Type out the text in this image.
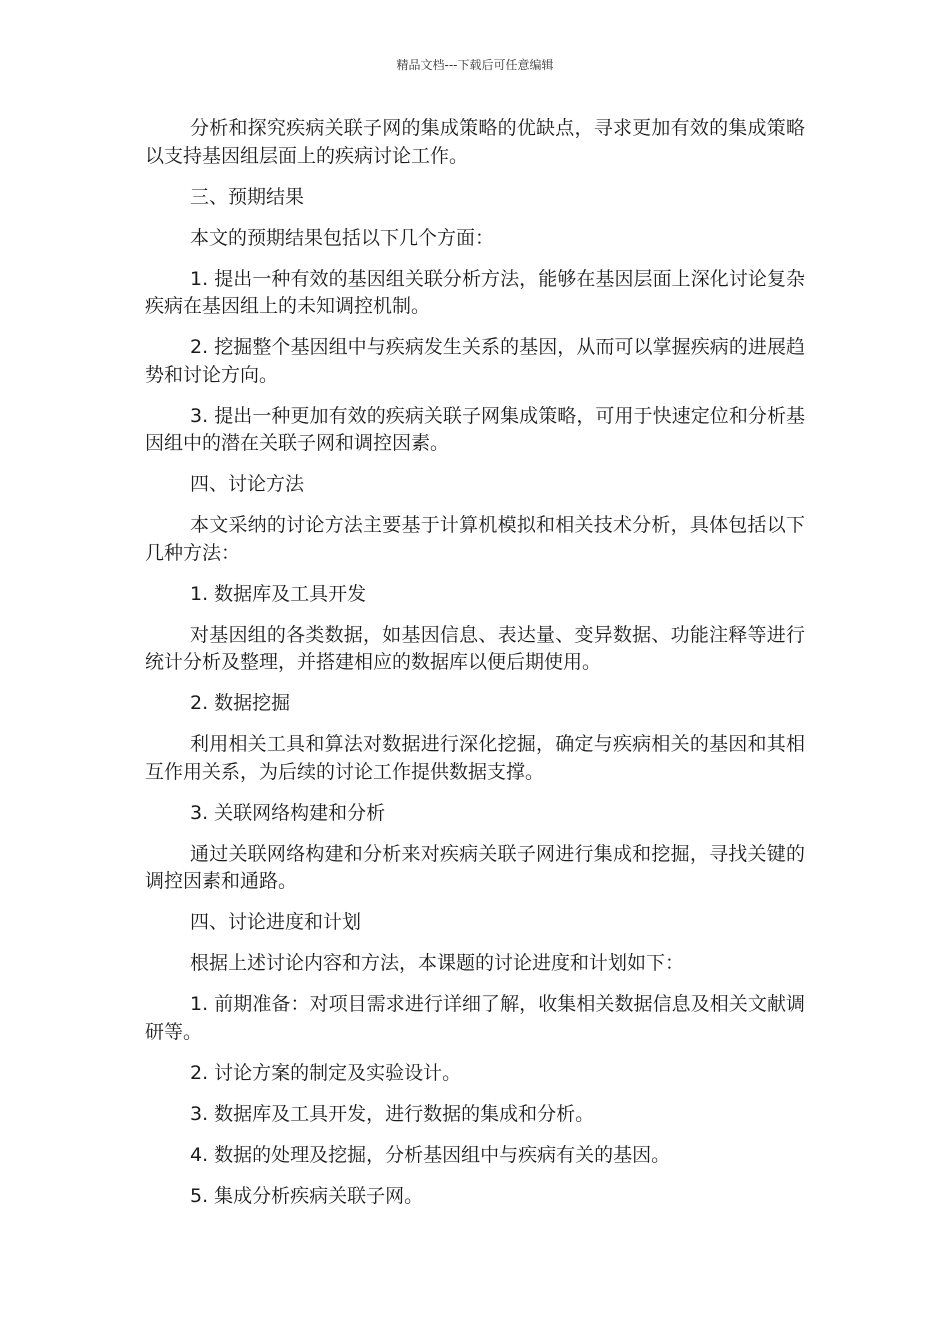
精品文档---下载后可任意编辑

分析和探究疾病关联子网的集成策略的优缺点，寻求更加有效的集成策略以支持基因组层面上的疾病讨论工作。

三、预期结果

本文的预期结果包括以下几个方面：

1. 提出一种有效的基因组关联分析方法，能够在基因层面上深化讨论复杂疾病在基因组上的未知调控机制。

2. 挖掘整个基因组中与疾病发生关系的基因，从而可以掌握疾病的进展趋势和讨论方向。

3. 提出一种更加有效的疾病关联子网集成策略，可用于快速定位和分析基因组中的潜在关联子网和调控因素。

四、讨论方法

本文采纳的讨论方法主要基于计算机模拟和相关技术分析，具体包括以下几种方法：

1. 数据库及工具开发

对基因组的各类数据，如基因信息、表达量、变异数据、功能注释等进行统计分析及整理，并搭建相应的数据库以便后期使用。

2. 数据挖掘

利用相关工具和算法对数据进行深化挖掘，确定与疾病相关的基因和其相互作用关系，为后续的讨论工作提供数据支撑。

3. 关联网络构建和分析

通过关联网络构建和分析来对疾病关联子网进行集成和挖掘，寻找关键的调控因素和通路。

四、讨论进度和计划

根据上述讨论内容和方法，本课题的讨论进度和计划如下：

1. 前期准备：对项目需求进行详细了解，收集相关数据信息及相关文献调研等。

2. 讨论方案的制定及实验设计。

3. 数据库及工具开发，进行数据的集成和分析。

4. 数据的处理及挖掘，分析基因组中与疾病有关的基因。

5. 集成分析疾病关联子网。
